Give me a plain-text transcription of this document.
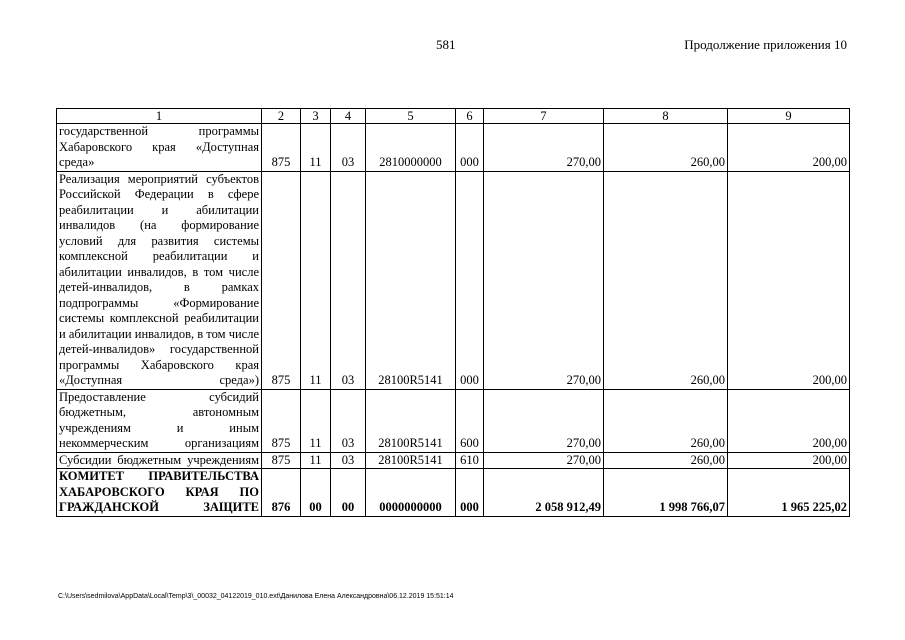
581	Продолжение приложения 10
1	2	3	4	5	6	7	8	9
государственной программы Хабаровского края «Доступная среда»	875	11	03	2810000000	000	270,00	260,00	200,00
Реализация мероприятий субъектов Российской Федерации в сфере реабилитации и абилитации инвалидов (на формирование условий для развития системы комплексной реабилитации и абилитации инвалидов, в том числе детей-инвалидов, в рамках подпрограммы «Формирование системы комплексной реабилитации и абилитации инвалидов, в том числе детей-инвалидов» государственной программы Хабаровского края «Доступная среда»)	875	11	03	28100R5141	000	270,00	260,00	200,00
Предоставление субсидий бюджетным, автономным учреждениям и иным некоммерческим организациям	875	11	03	28100R5141	600	270,00	260,00	200,00
Субсидии бюджетным учреждениям	875	11	03	28100R5141	610	270,00	260,00	200,00
КОМИТЕТ ПРАВИТЕЛЬСТВА ХАБАРОВСКОГО КРАЯ ПО ГРАЖДАНСКОЙ ЗАЩИТЕ	876	00	00	0000000000	000	2 058 912,49	1 998 766,07	1 965 225,02
C:\Users\sedmilova\AppData\Local\Temp\3\_00032_04122019_010.ext\Даниловa Елена Александровна\06.12.2019 15:51:14
